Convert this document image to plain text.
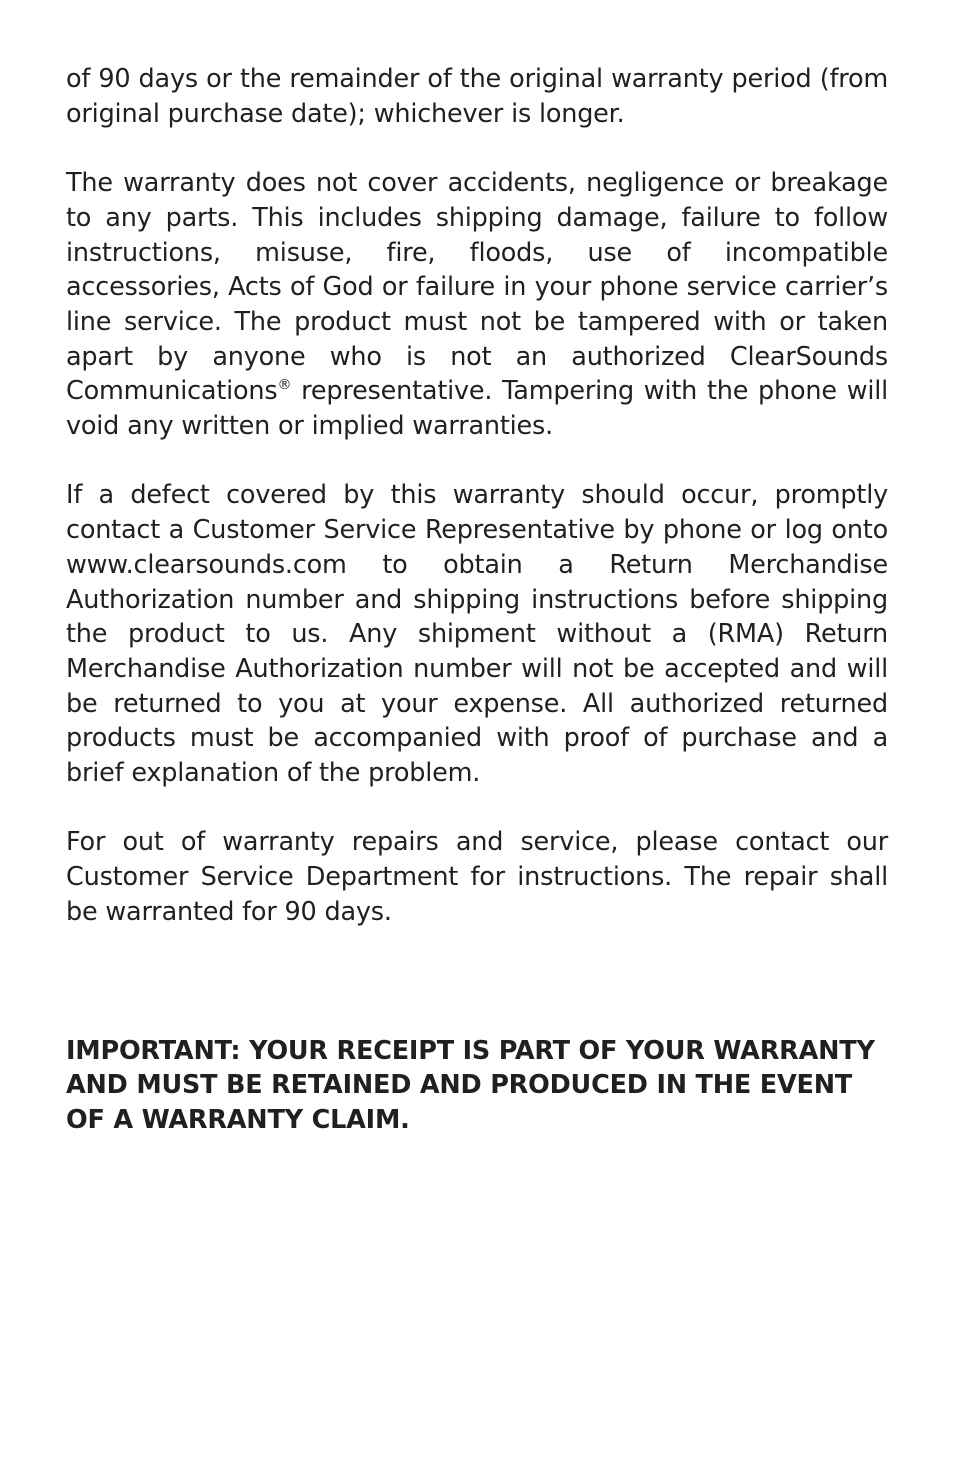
of 90 days or the remainder of the original warranty period (from original purchase date); whichever is longer.

The warranty does not cover accidents, negligence or breakage to any parts. This includes shipping damage, failure to follow instructions, misuse, fire, floods, use of incompatible accessories, Acts of God or failure in your phone service carrier’s line service. The product must not be tampered with or taken apart by anyone who is not an authorized ClearSounds Communications® representative. Tampering with the phone will void any written or implied warranties.

If a defect covered by this warranty should occur, promptly contact a Customer Service Representative by phone or log onto www.clearsounds.com to obtain a Return Merchandise Authorization number and shipping instructions before shipping the product to us. Any shipment without a (RMA) Return Merchandise Authorization number will not be accepted and will be returned to you at your expense. All authorized returned products must be accompanied with proof of purchase and a brief explanation of the problem.

For out of warranty repairs and service, please contact our Customer Service Department for instructions. The repair shall be warranted for 90 days.

IMPORTANT: YOUR RECEIPT IS PART OF YOUR WARRANTY AND MUST BE RETAINED AND PRODUCED IN THE EVENT OF A WARRANTY CLAIM.
